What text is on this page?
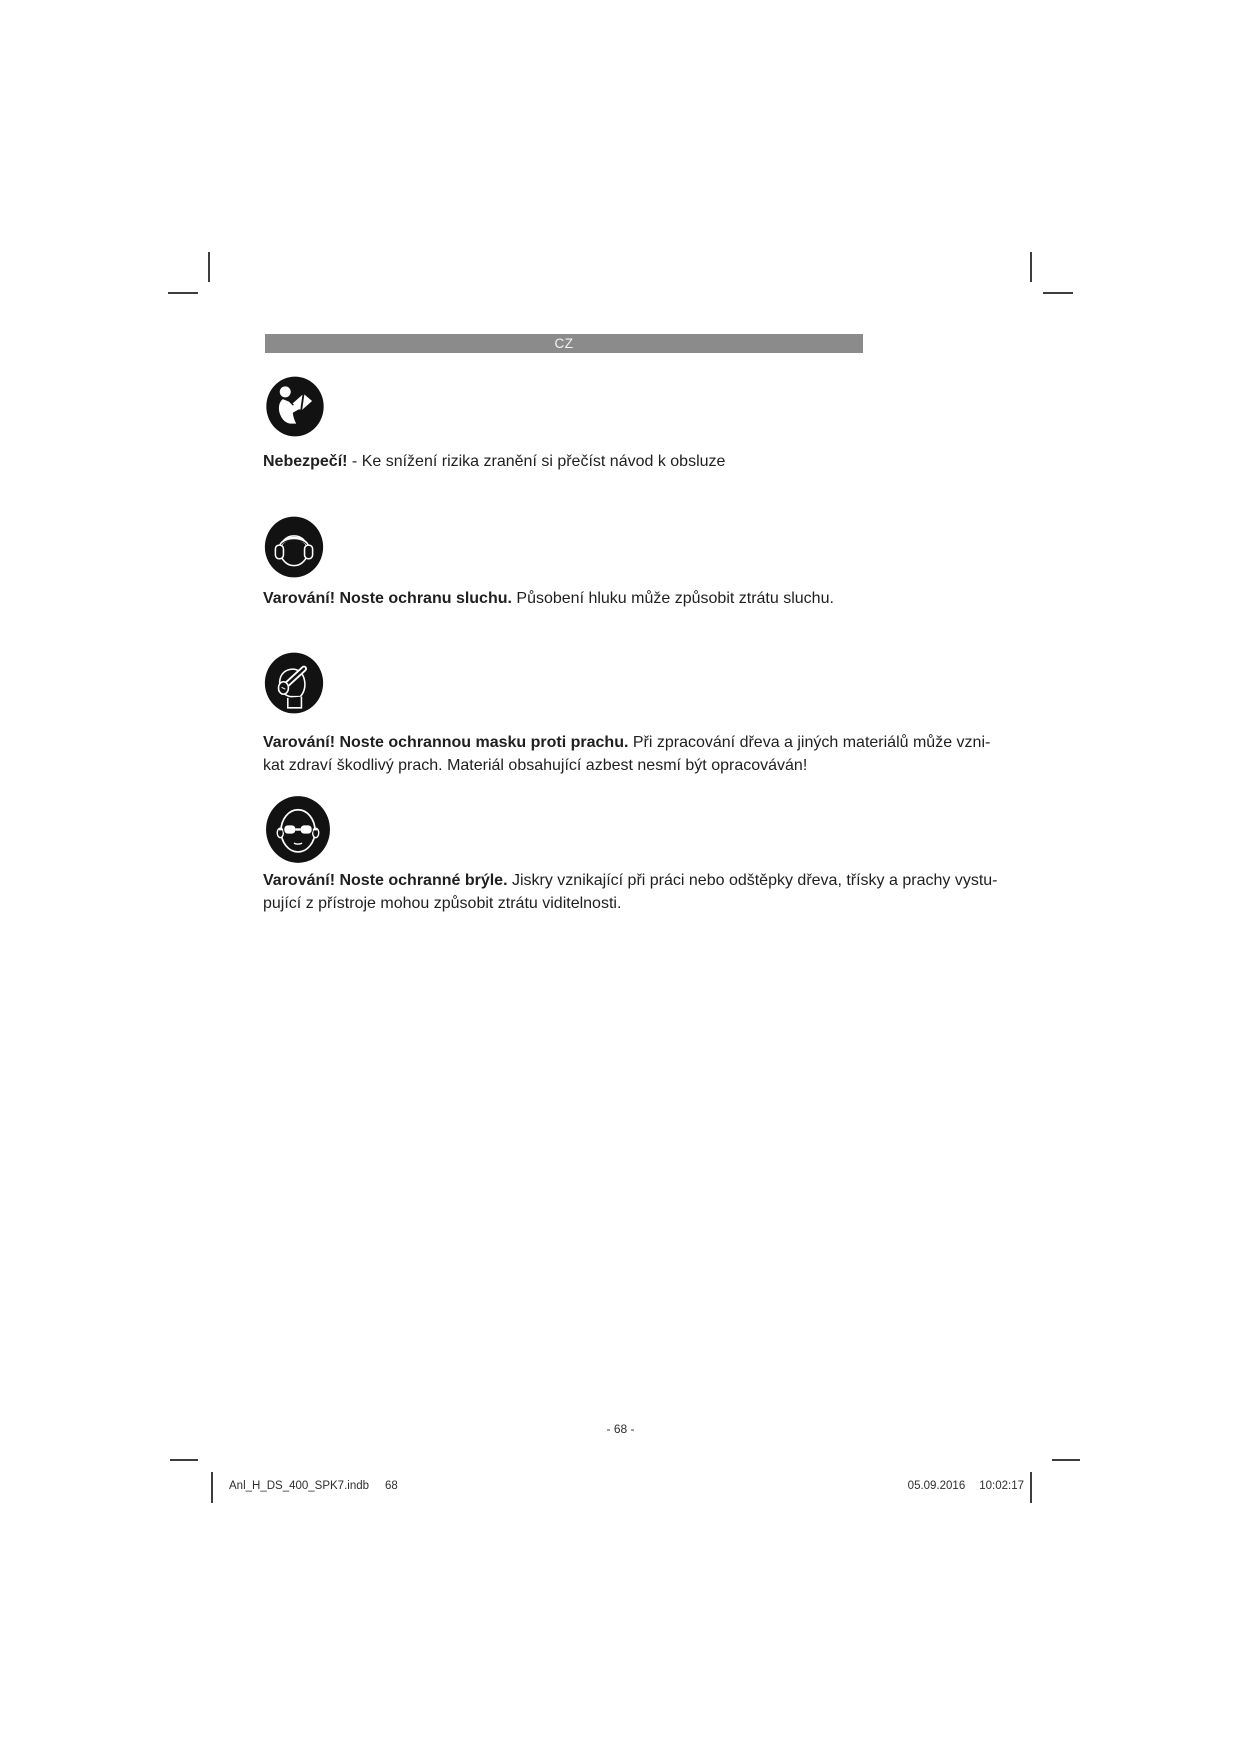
CZ

Nebezpečí! - Ke snížení rizika zranění si přečíst návod k obsluze

Varování! Noste ochranu sluchu. Působení hluku může způsobit ztrátu sluchu.

Varování! Noste ochrannou masku proti prachu. Při zpracování dřeva a jiných materiálů může vzni-
kat zdraví škodlivý prach. Materiál obsahující azbest nesmí být opracováván!

Varování! Noste ochranné brýle. Jiskry vznikající při práci nebo odštěpky dřeva, třísky a prachy vystu-
pující z přístroje mohou způsobit ztrátu viditelnosti.

- 68 -
Anl_H_DS_400_SPK7.indb 68	05.09.2016 10:02:17
